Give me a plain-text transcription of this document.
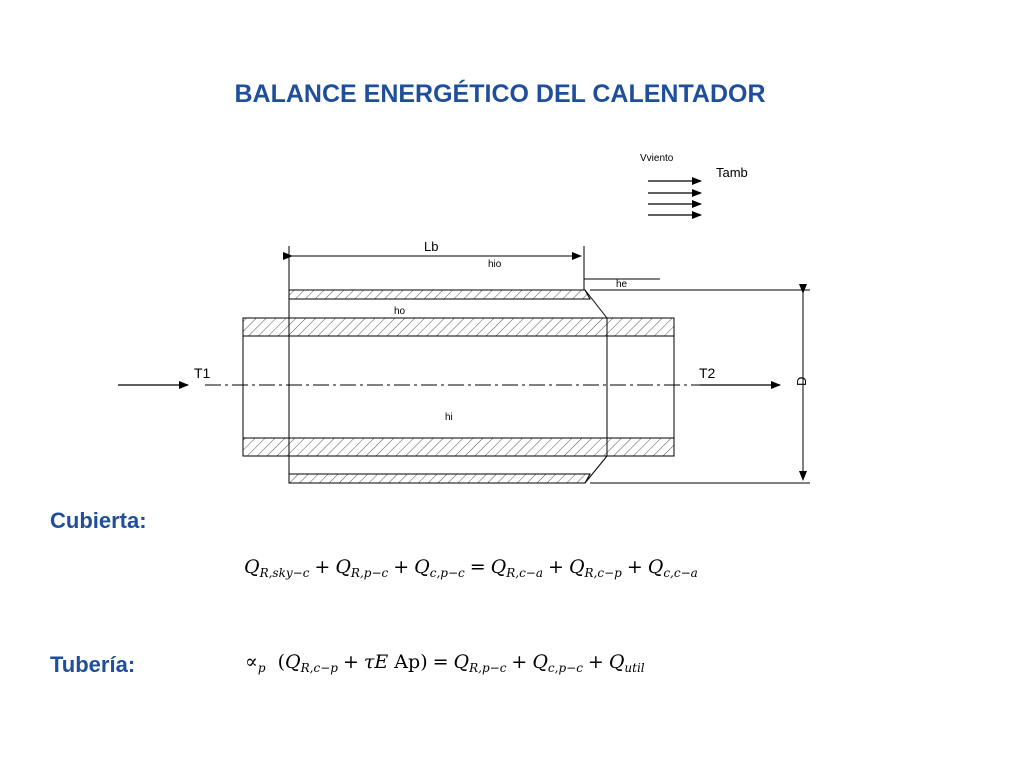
BALANCE ENERGÉTICO DEL CALENTADOR
Vviento
Tamb
Lb
hio
he
ho
hi
T1	T2
D
Cubierta:
$Q_{R,sky-c} + Q_{R,p-c} + Q_{c,p-c} = Q_{R,c-a} + Q_{R,c-p} + Q_{c,c-a}$
Tubería:	$\propto_p$  ($Q_{R,c-p} + \tau E$ $Ap) = Q_{R,p-c} + Q_{c,p-c} + Q_{util}$
